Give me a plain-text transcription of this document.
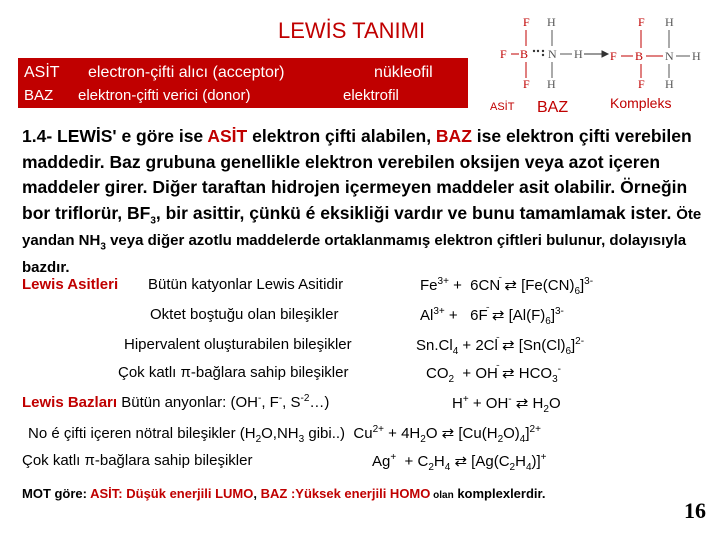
LEWİS TANIMI
ASİT electron-çifti alıcı (acceptor)	nükleofil
BAZ elektron-çifti verici (donor)	elektrofil
F
F
F
B	F
F
B
F
H
N H
H
H
N H
H
ASİT BAZ	Kompleks
1.4- LEWİS' e göre ise ASİT elektron çifti alabilen, BAZ ise elektron çifti verebilen maddedir. Baz grubuna genellikle elektron verebilen oksijen veya azot içeren maddeler girer. Diğer taraftan hidrojen içermeyen maddeler asit olabilir. Örneğin bor triflorür, $BF_3$, bir asittir, çünkü é eksikliği vardır ve bunu tamamlamak ister. Öte yandan $NH_3$ veya diğer azotlu maddelerde ortaklanmamış elektron çiftleri bulunur, dolayısıyla bazdır.
Lewis Asitleri Bütün katyonlar Lewis Asitidir	$Fe^{3+} + 6CN$ ⇄ $[Fe(CN)_6]^{3-}$
Oktet boştuğu olan bileşikler	$Al^{3+} + 6F$ ⇄ $[Al(F)_6]^{3-}$
Hipervalent oluşturabilen bileşikler	$Sn.Cl_4 + 2Cl$ ⇄ $[Sn(Cl)_6]^{2-}$
Çok katlı π-bağlara sahip bileşikler	$CO_2$  + OH ⇄ $HCO_3^-$
Lewis Bazları Bütün anyonlar: (OH-, F-, $S^{-2}\dots$)	H+ + OH- ⇄ $H_2O$
No é çifti içeren nötral bileşikler ($H_2O,NH_3$ gibi..)  $Cu^{2+} + 4H_2O$ ⇄ $[Cu(H_2O)_4]^{2+}$
Çok katlı π-bağlara sahip bileşikler	$Ag^+ + C_2H_4$ ⇄ $[Ag(C_2H_4)]^+$
MOT göre: ASİT: Düşük enerjili LUMO, BAZ :Yüksek enerjili HOMO olan komplexlerdir.
16
